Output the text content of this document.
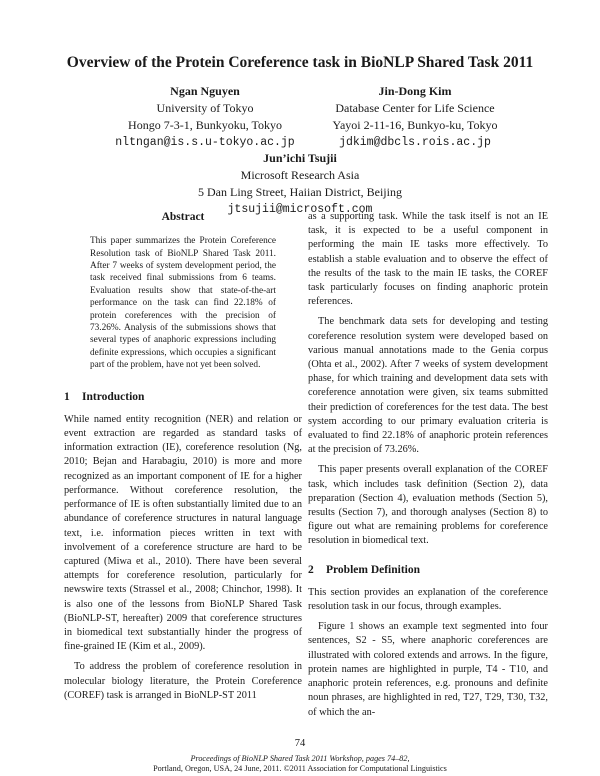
Overview of the Protein Coreference task in BioNLP Shared Task 2011
Ngan Nguyen
University of Tokyo
Hongo 7-3-1, Bunkyoku, Tokyo
nltngan@is.s.u-tokyo.ac.jp
Jin-Dong Kim
Database Center for Life Science
Yayoi 2-11-16, Bunkyo-ku, Tokyo
jdkim@dbcls.rois.ac.jp
Jun’ichi Tsujii
Microsoft Research Asia
5 Dan Ling Street, Haiian District, Beijing
jtsujii@microsoft.com
Abstract
This paper summarizes the Protein Coreference Resolution task of BioNLP Shared Task 2011. After 7 weeks of system development period, the task received final submissions from 6 teams. Evaluation results show that state-of-the-art performance on the task can find 22.18% of protein coreferences with the precision of 73.26%. Analysis of the submissions shows that several types of anaphoric expressions including definite expressions, which occupies a significant part of the problem, have not yet been solved.
1 Introduction

While named entity recognition (NER) and relation or event extraction are regarded as standard tasks of information extraction (IE), coreference resolution (Ng, 2010; Bejan and Harabagiu, 2010) is more and more recognized as an important component of IE for a higher performance. Without coreference resolution, the performance of IE is often substantially limited due to an abundance of coreference structures in natural language text, i.e. information pieces written in text with involvement of a coreference structure are hard to be captured (Miwa et al., 2010). There have been several attempts for coreference resolution, particularly for newswire texts (Strassel et al., 2008; Chinchor, 1998). It is also one of the lessons from BioNLP Shared Task (BioNLP-ST, hereafter) 2009 that coreference structures in biomedical text substantially hinder the progress of fine-grained IE (Kim et al., 2009).

To address the problem of coreference resolution in molecular biology literature, the Protein Coreference (COREF) task is arranged in BioNLP-ST 2011

as a supporting task. While the task itself is not an IE task, it is expected to be a useful component in performing the main IE tasks more effectively. To establish a stable evaluation and to observe the effect of the results of the task to the main IE tasks, the COREF task particularly focuses on finding anaphoric protein references.

The benchmark data sets for developing and testing coreference resolution system were developed based on various manual annotations made to the Genia corpus (Ohta et al., 2002). After 7 weeks of system development phase, for which training and development data sets with coreference annotation were given, six teams submitted their prediction of coreferences for the test data. The best system according to our primary evaluation criteria is evaluated to find 22.18% of anaphoric protein references at the precision of 73.26%.

This paper presents overall explanation of the COREF task, which includes task definition (Section 2), data preparation (Section 4), evaluation methods (Section 5), results (Section 7), and thorough analyses (Section 8) to figure out what are remaining problems for coreference resolution in biomedical text.

2 Problem Definition

This section provides an explanation of the coreference resolution task in our focus, through examples.

Figure 1 shows an example text segmented into four sentences, S2 - S5, where anaphoric coreferences are illustrated with colored extends and arrows. In the figure, protein names are highlighted in purple, T4 - T10, and anaphoric protein references, e.g. pronouns and definite noun phrases, are highlighted in red, T27, T29, T30, T32, of which the an-

74
Proceedings of BioNLP Shared Task 2011 Workshop, pages 74–82,
Portland, Oregon, USA, 24 June, 2011. ©2011 Association for Computational Linguistics
